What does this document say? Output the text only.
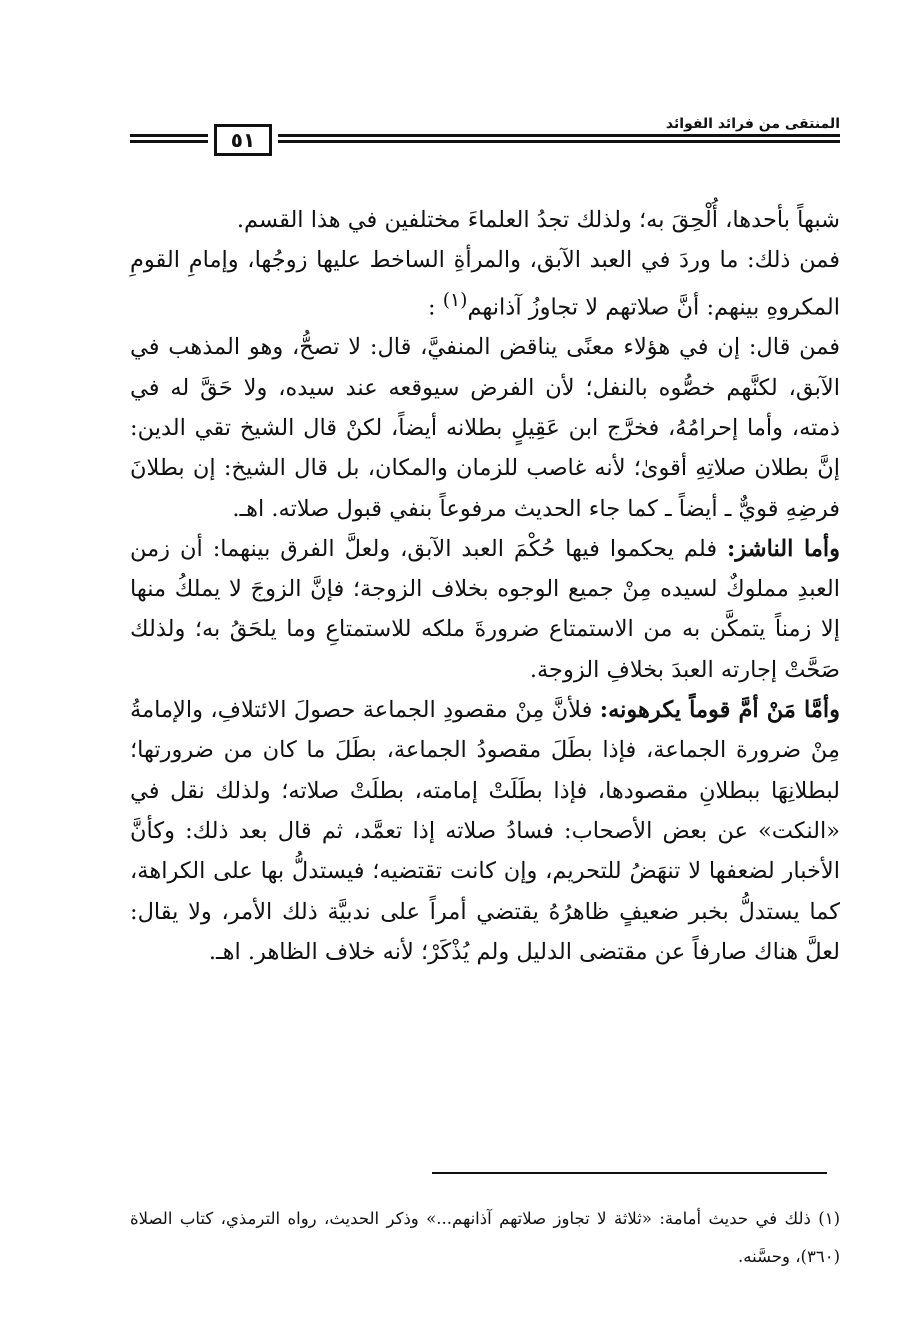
٥١
المنتقى من فرائد الفوائد

شبهاً بأحدها، أُلْحِقَ به؛ ولذلك تجدُ العلماءَ مختلفين في هذا القسم.

فمن ذلك: ما وردَ في العبد الآبق، والمرأةِ الساخط عليها زوجُها، وإمامِ القومِ المكروهِ بينهم: أنَّ صلاتهم لا تجاوزُ آذانهم$^{(١)}$ :

فمن قال: إن في هؤلاء معنًى يناقض المنفيَّ، قال: لا تصحُّ، وهو المذهب في الآبق، لكنَّهم خصُّوه بالنفل؛ لأن الفرض سيوقعه عند سيده، ولا حَقَّ له في ذمته، وأما إحرامُهُ، فخرَّج ابن عَقِيلٍ بطلانه أيضاً، لكنْ قال الشيخ تقي الدين: إنَّ بطلان صلاتِهِ أقوىٰ؛ لأنه غاصب للزمان والمكان، بل قال الشيخ: إن بطلانَ فرضِهِ قويٌّ ـ أيضاً ـ كما جاء الحديث مرفوعاً بنفي قبول صلاته. اهـ.

وأما الناشز: فلم يحكموا فيها حُكْمَ العبد الآبق، ولعلَّ الفرق بينهما: أن زمن العبدِ مملوكٌ لسيده مِنْ جميع الوجوه بخلاف الزوجة؛ فإنَّ الزوجَ لا يملكُ منها إلا زمناً يتمكَّن به من الاستمتاع ضرورةَ ملكه للاستمتاعِ وما يلحَقُ به؛ ولذلك صَحَّتْ إجارته العبدَ بخلافِ الزوجة.

وأمَّا مَنْ أمَّ قوماً يكرهونه: فلأنَّ مِنْ مقصودِ الجماعة حصولَ الائتلافِ، والإمامةُ مِنْ ضرورة الجماعة، فإذا بطَلَ مقصودُ الجماعة، بطَلَ ما كان من ضرورتها؛ لبطلانِهَا ببطلانِ مقصودها، فإذا بطَلَتْ إمامته، بطلَتْ صلاته؛ ولذلك نقل في «النكت» عن بعض الأصحاب: فسادُ صلاته إذا تعمَّد، ثم قال بعد ذلك: وكأنَّ الأخبار لضعفها لا تنهَضُ للتحريم، وإن كانت تقتضيه؛ فيستدلُّ بها على الكراهة، كما يستدلُّ بخبر ضعيفٍ ظاهرُهُ يقتضي أمراً على ندبيَّة ذلك الأمر، ولا يقال: لعلَّ هناك صارفاً عن مقتضى الدليل ولم يُذْكَرْ؛ لأنه خلاف الظاهر. اهـ.

(١) ذلك في حديث أمامة: «ثلاثة لا تجاوز صلاتهم آذانهم...» وذكر الحديث، رواه الترمذي، كتاب الصلاة (٣٦٠)، وحسَّنه.
